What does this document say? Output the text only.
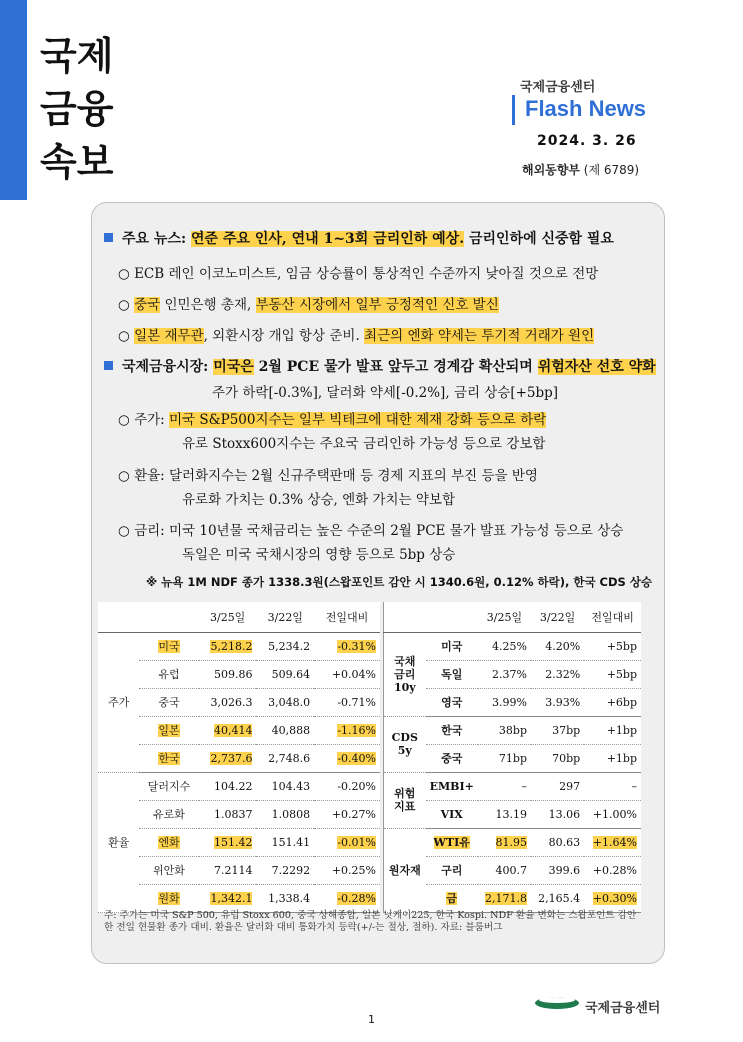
국제
금융
속보
국제금융센터
Flash News
2024. 3. 26
해외동향부 (제 6789)
주요 뉴스: 연준 주요 인사, 연내 1~3회 금리인하 예상. 금리인하에 신중함 필요
○ ECB 레인 이코노미스트, 임금 상승률이 통상적인 수준까지 낮아질 것으로 전망
○ 중국 인민은행 총재, 부동산 시장에서 일부 긍정적인 신호 발신
○ 일본 재무관, 외환시장 개입 항상 준비. 최근의 엔화 약세는 투기적 거래가 원인
국제금융시장: 미국은 2월 PCE 물가 발표 앞두고 경계감 확산되며 위험자산 선호 약화
주가 하락[-0.3%], 달러화 약세[-0.2%], 금리 상승[+5bp]
○ 주가: 미국 S&P500지수는 일부 빅테크에 대한 제재 강화 등으로 하락
유로 Stoxx600지수는 주요국 금리인하 가능성 등으로 강보합
○ 환율: 달러화지수는 2월 신규주택판매 등 경제 지표의 부진 등을 반영
유로화 가치는 0.3% 상승, 엔화 가치는 약보합
○ 금리: 미국 10년물 국채금리는 높은 수준의 2월 PCE 물가 발표 가능성 등으로 상승
독일은 미국 국채시장의 영향 등으로 5bp 상승
※ 뉴욕 1M NDF 종가 1338.3원(스왑포인트 감안 시 1340.6원, 0.12% 하락), 한국 CDS 상승
		3/25일	3/22일	전일대비
주가	미국	5,218.2	5,234.2	-0.31%
	유럽	509.86	509.64	+0.04%
	중국	3,026.3	3,048.0	-0.71%
	일본	40,414	40,888	-1.16%
	한국	2,737.6	2,748.6	-0.40%
환율	달러지수	104.22	104.43	-0.20%
	유로화	1.0837	1.0808	+0.27%
	엔화	151.42	151.41	-0.01%
	위안화	7.2114	7.2292	+0.25%
	원화	1,342.1	1,338.4	-0.28%
		3/25일	3/22일	전일대비
국채
금리
10y	미국	4.25%	4.20%	+5bp
	독일	2.37%	2.32%	+5bp
	영국	3.99%	3.93%	+6bp
CDS
5y	한국	38bp	37bp	+1bp
	중국	71bp	70bp	+1bp
위험
지표	EMBI+	–	297	–
	VIX	13.19	13.06	+1.00%
원자재	WTI유	81.95	80.63	+1.64%
	구리	400.7	399.6	+0.28%
	금	2,171.8	2,165.4	+0.30%
주: 주가는 미국 S&P 500, 유럽 Stoxx 600, 중국 상해종합, 일본 닛케이225, 한국 Kospi. NDF 환율 변화는 스왑포인트 감안한 전일 현물환 종가 대비. 환율은 달러화 대비 통화가치 등락(+/-는 절상, 절하). 자료: 블룸버그
국제금융센터
1
